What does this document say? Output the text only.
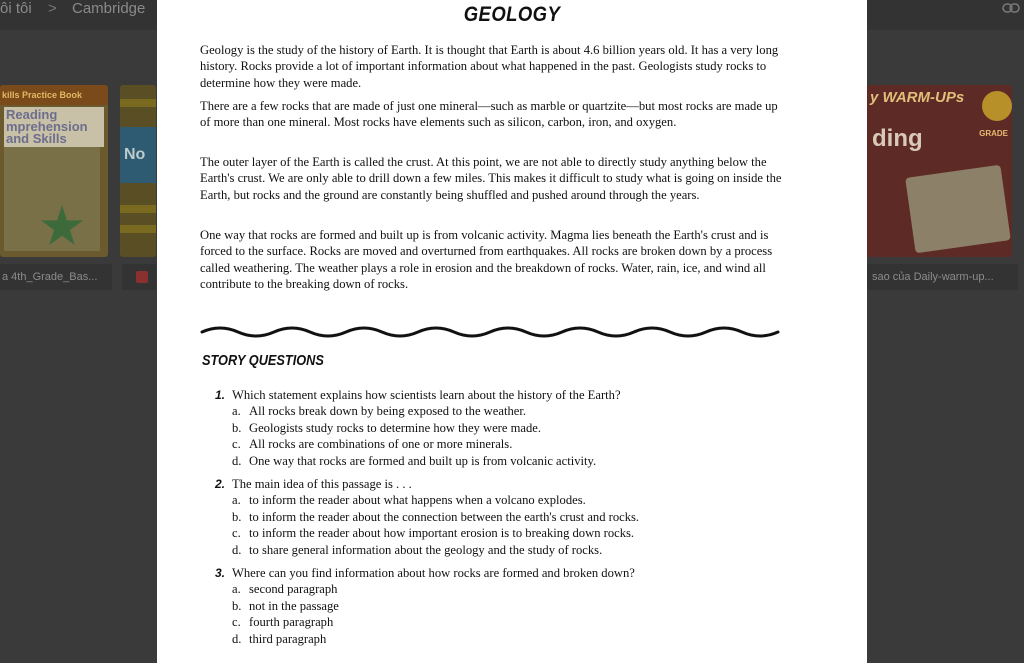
ôi tôi > Cambridge
kills Practice Book
Reading mprehension and Skills
No
y WARM-UPs
ding	GRADE
a 4th_Grade_Bas...	sao của Daily-warm-up...
GEOLOGY

Geology is the study of the history of Earth. It is thought that Earth is about 4.6 billion years old. It has a very long history. Rocks provide a lot of important information about what happened in the past. Geologists study rocks to determine how they were made.

There are a few rocks that are made of just one mineral—such as marble or quartzite—but most rocks are made up of more than one mineral. Most rocks have elements such as silicon, carbon, iron, and oxygen.

The outer layer of the Earth is called the crust. At this point, we are not able to directly study anything below the Earth's crust. We are only able to drill down a few miles. This makes it difficult to study what is going on inside the Earth, but rocks and the ground are constantly being shuffled and pushed around through the years.

One way that rocks are formed and built up is from volcanic activity. Magma lies beneath the Earth's crust and is forced to the surface. Rocks are moved and overturned from earthquakes. All rocks are broken down by a process called weathering. The weather plays a role in erosion and the breakdown of rocks. Water, rain, ice, and wind all contribute to the breaking down of rocks.

STORY QUESTIONS
1. Which statement explains how scientists learn about the history of the Earth?
a. All rocks break down by being exposed to the weather.
b. Geologists study rocks to determine how they were made.
c. All rocks are combinations of one or more minerals.
d. One way that rocks are formed and built up is from volcanic activity.
2. The main idea of this passage is . . .
a. to inform the reader about what happens when a volcano explodes.
b. to inform the reader about the connection between the earth's crust and rocks.
c. to inform the reader about how important erosion is to breaking down rocks.
d. to share general information about the geology and the study of rocks.
3. Where can you find information about how rocks are formed and broken down?
a. second paragraph
b. not in the passage
c. fourth paragraph
d. third paragraph
